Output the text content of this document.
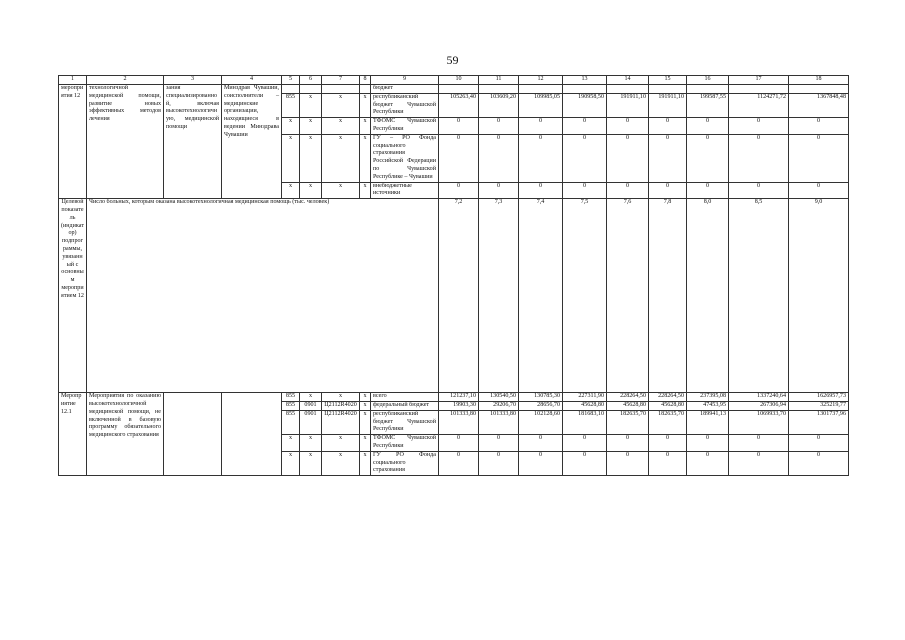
59
1	2	3	4	5	6	7	8	9	10	11	12	13	14	15	16	17	18
мероприятия 12	технологичной медицинской помощи, развитие новых эффективных методов лечения	зания специализированной, включая высокотехнологичную, медицинской помощи	Минздрав Чувашии, соисполнители – медицинские организации, находящиеся в ведении Минздрава Чувашии					бюджет									
				855	x	x	x	республиканский бюджет Чувашской Республики	105263,40	103609,20	109985,05	190958,50	191911,10	191911,10	199587,55	1124271,72	1367848,48
				x	x	x	x	ТФОМС Чувашской Республики	0	0	0	0	0	0	0	0	0
				x	x	x	x	ГУ – РО Фонда социального страхования Российской Федерации по Чувашской Республике – Чувашии	0	0	0	0	0	0	0	0	0
				x	x	x	x	внебюджетные источники	0	0	0	0	0	0	0	0	0
Целевой показатель (индикатор) подпрограммы, увязанный с основным мероприятием 12	Число больных, которым оказана высокотехнологичная медицинская помощь (тыс. человек)								7,2	7,3	7,4	7,5	7,6	7,8	8,0	8,5	9,0
Мероприятие 12.1	Мероприятия по оказанию высокотехнологичной медицинской помощи, не включенной в базовую программу обязательного медицинского страхования			855	x	x	x	всего	121237,10	130540,50	130785,30	227311,90	228264,50	228264,50	237395,08	1337240,64	1626957,73
				855	0901	Ц2112R4020	x	федеральный бюджет	19903,30	29206,70	28656,70	45628,80	45628,80	45628,80	47453,95	267306,94	325219,77
				855	0901	Ц2112R4020	x	республиканский бюджет Чувашской Республики	101333,80	101333,80	102128,60	181683,10	182635,70	182635,70	189941,13	1069933,70	1301737,96
				x	x	x	x	ТФОМС Чувашской Республики	0	0	0	0	0	0	0	0	0
				x	x	x	x	ГУ РО Фонда социального страхования	0	0	0	0	0	0	0	0	0
